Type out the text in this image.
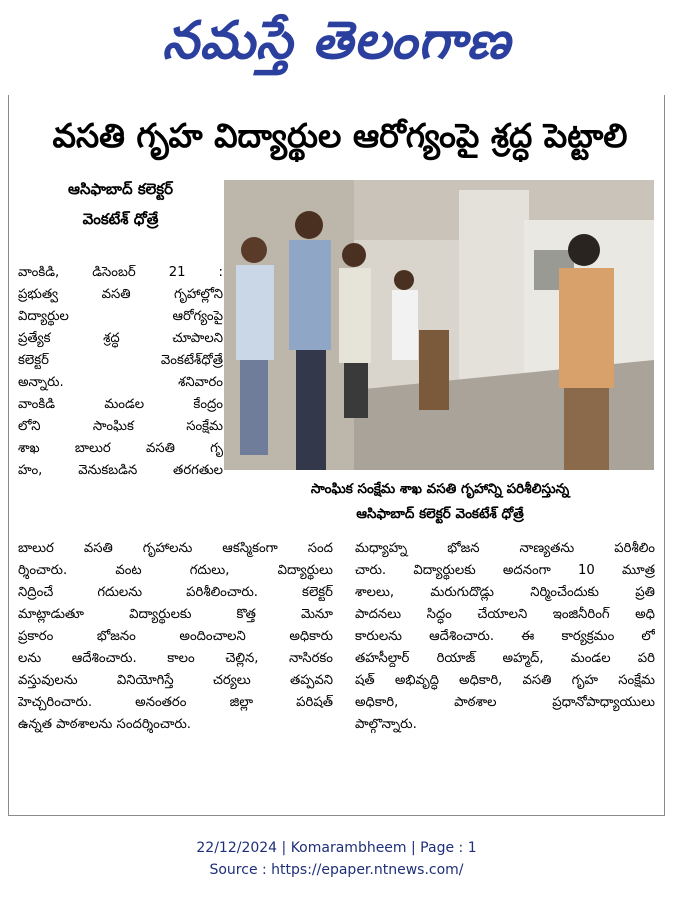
నమస్తే తెలంగాణ
వసతి గృహ విద్యార్థుల ఆరోగ్యంపై శ్రద్ధ పెట్టాలి
ఆసిఫాబాద్ కలెక్టర్
వెంకటేశ్ ధోత్రే
సాంఘిక సంక్షేమ శాఖ వసతి గృహాన్ని పరిశీలిస్తున్న
ఆసిఫాబాద్ కలెక్టర్ వెంకటేశ్ ధోత్రే
వాంకిడి, డిసెంబర్ 21 :
ప్రభుత్వ వసతి గృహాల్లోని
విద్యార్థుల ఆరోగ్యంపై
ప్రత్యేక శ్రద్ధ చూపాలని
కలెక్టర్ వెంకటేశ్‌ధోత్రే
అన్నారు. శనివారం
వాంకిడి మండల కేంద్రం
లోని సాంఘిక సంక్షేమ
శాఖ బాలుర వసతి గృ
హం, వెనుకబడిన తరగతుల
బాలుర వసతి గృహాలను ఆకస్మికంగా సంద
ర్శించారు. వంట గదులు, విద్యార్థులు
నిద్రించే గదులను పరిశీలించారు. కలెక్టర్
మాట్లాడుతూ విద్యార్థులకు కొత్త మెనూ
ప్రకారం భోజనం అందించాలని అధికారు
లను ఆదేశించారు. కాలం చెల్లిన, నాసిరకం
వస్తువులను వినియోగిస్తే చర్యలు తప్పవని
హెచ్చరించారు. అనంతరం జిల్లా పరిషత్
ఉన్నత పాఠశాలను సందర్శించారు.
మధ్యాహ్న భోజన నాణ్యతను పరిశీలిం
చారు. విద్యార్థులకు అదనంగా 10 మూత్ర
శాలలు, మరుగుదొడ్లు నిర్మించేందుకు ప్రతి
పాదనలు సిద్ధం చేయాలని ఇంజినీరింగ్ అధి
కారులను ఆదేశించారు. ఈ కార్యక్రమం లో
తహసీల్దార్ రియాజ్ అహ్మద్, మండల పరి
షత్ అభివృద్ధి అధికారి, వసతి గృహ సంక్షేమ
అధికారి, పాఠశాల ప్రధానోపాధ్యాయులు
పాల్గొన్నారు.
22/12/2024 | Komarambheem | Page : 1
Source : https://epaper.ntnews.com/
